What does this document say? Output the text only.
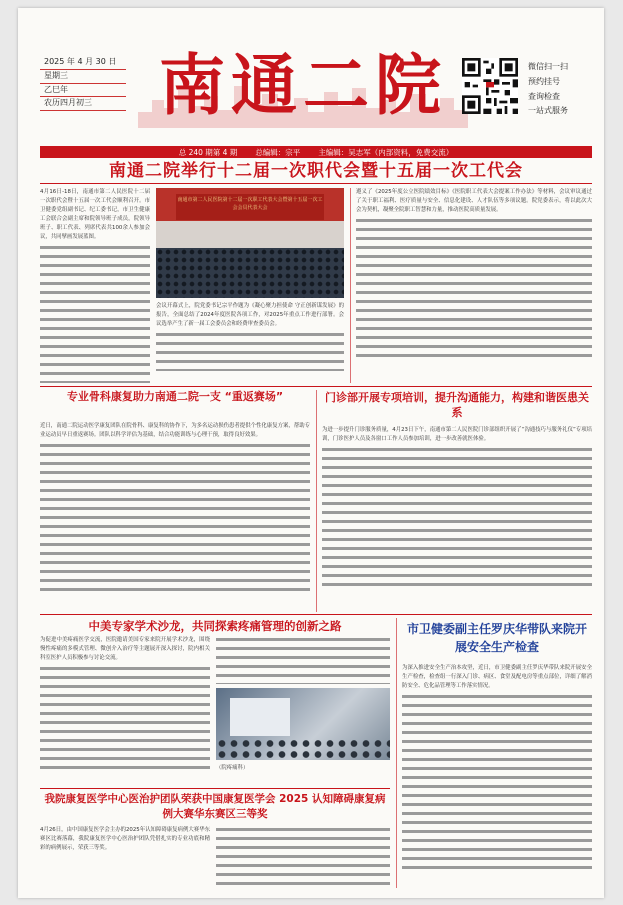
2025 年 4 月 30 日
星期三
乙巳年
农历四月初三	南通二院	微信扫一扫
预约挂号
查询检查
一站式服务
总 240 期第 4 期 总编辑：宗平 主编辑：吴志军（内部资料，免费交流）
南通二院举行十二届一次职代会暨十五届一次工代会
4月16日-18日，南通市第二人民医院十二届一次职代会暨十五届一次工代会顺利召开。市卫健委党组副书记、纪工委书记，市卫生健康工会联合会副主席和院领导班子成员，院领导班子、职工代表、列席代表共100余人参加会议，共同擘画发展蓝图。
南通市第二人民医院第十二届一次职工代表大会暨第十五届一次工会会员代表大会
会议开幕式上，院党委书记宗平作题为《凝心聚力担使命 守正创新谋发展》的报告，全面总结了2024年度医院各项工作，对2025年重点工作进行部署。会议选举产生了新一届工会委员会和经费审查委员会。
遵义了《2025年度公立医院绩效目标》《医院职工代表大会提案工作办法》等材料，会议审议通过了关于职工福利、医疗质量与安全、信息化建设、人才队伍等多项议题。院党委表示，将以此次大会为契机，凝聚全院职工智慧和力量，推动医院高质量发展。
专业骨科康复助力南通二院一支 “重返赛场”
近日，南通二院运动医学康复团队在院骨科、康复科的协作下，为多名运动损伤患者提供个性化康复方案，帮助专业运动员早日重返赛场。团队以科学评估为基础，结合功能训练与心理干预，取得良好效果。
门诊部开展专项培训，提升沟通能力，构建和谐医患关系
为进一步提升门诊服务质量，4月23日下午，南通市第二人民医院门诊部组织开展了“沟通技巧与服务礼仪”专项培训，门诊医护人员及各窗口工作人员参加培训，进一步改善就医体验。
中美专家学术沙龙，共同探索疼痛管理的创新之路
为促进中美疼痛医学交流，医院邀请美国专家来院开展学术沙龙，围绕慢性疼痛的多模式管理、微创介入治疗等主题展开深入探讨，院内相关科室医护人员积极参与讨论交流。
（院疼痛科）
市卫健委副主任罗庆华带队来院开展安全生产检查
为深入推进安全生产治本攻坚，近日，市卫健委副主任罗庆华带队来院开展安全生产检查，检查组一行深入门诊、病区、食堂及配电房等重点部位，详细了解消防安全、危化品管理等工作落实情况。
我院康复医学中心医治护团队荣获中国康复医学会 2025 认知障碍康复病例大赛华东赛区三等奖
4月26日，由中国康复医学会主办的2025年认知障碍康复病例大赛华东赛区比赛落幕，我院康复医学中心医治护团队凭借扎实的专业功底和精彩的病例展示，荣获三等奖。
